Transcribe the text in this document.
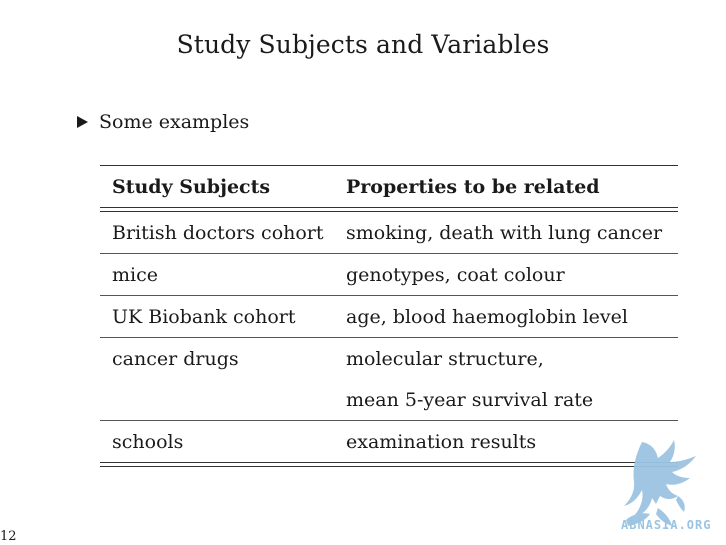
Study Subjects and Variables
Some examples
Study Subjects	Properties to be related
British doctors cohort	smoking, death with lung cancer
mice	genotypes, coat colour
UK Biobank cohort	age, blood haemoglobin level
cancer drugs	molecular structure,
	mean 5-year survival rate
schools	examination results
ABNASIA.ORG
12
